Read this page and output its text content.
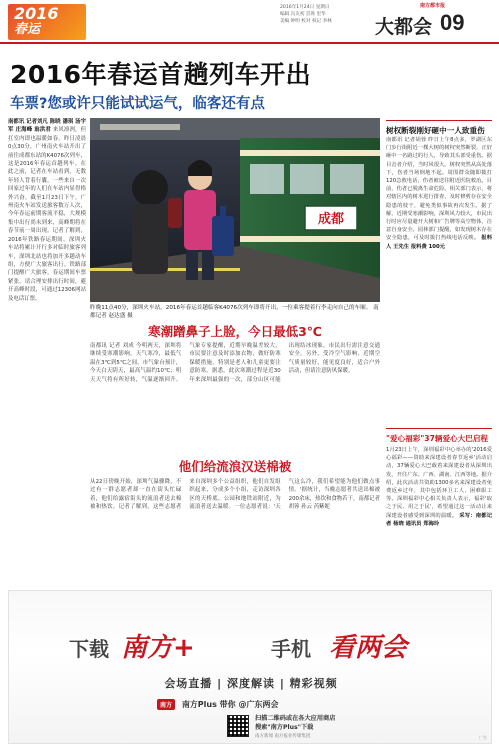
2016
春运
2016年1月24日 星期日
编辑 冯友初 首席 里华
美编 钟明 校对 权记 李林
南方都市报
大都会 09
2016年春运首趟列车开出
车票?您或许只能试试运气，临客还有点
南都讯 记者刘凡 陈晓 潘琪 汤宇军 庄海峰 翁洪君 来风凛冽，但扛室内即也温暖如春。昨日凌晨0点30分，广州南火车站开出了前往成都东站的K4076次列车，这是2016年春运首趟列车。在此之前，记者在车站看到，无数年轻人背着行囊，一些来自一次回家过年的人们在车站内显得格外兴奋。截至1月23日下午，广州南火车站发送旅客数万人次，今年春运前期客流平稳，大规模集中出行尚未到来，高峰期将在春节前一周出现。记者了解到，2016年铁路春运期间，深圳火车站将累计开行多对临时旅客列车，深圳北站也将加开多趟动车组，方便广大旅客出行。铁路部门提醒广大旅客，春运期间车票紧张，请合理安排出行时间，避开高峰时段，可通过12306网站及电话订票。
成都
昨晚11点40分，深圳火车站，2016年春运首趟临客K4076次列车即将开出，一位乘客提着行李走向自己的车厢。 南都记者 赵达盛 摄
寒潮蹭鼻子上脸，今日最低3℃
南都讯 记者 刘成 今明两天，深圳将继续受寒潮影响，天气寒冷，最低气温在3℃到5℃之间。市气象台预计，今天白天阴天，最高气温约10℃；明天天气将有所好转，气温逐渐回升。气象专家提醒，近期早晚温差较大，市民要注意及时添加衣物，做好防寒保暖措施，特别是老人和儿童更要注意防寒。据悉，此次寒潮过程是近30年来深圳最强的一次，部分山区可能出现结冰现象，市民出行需注意交通安全。另外，受冷空气影响，近期空气质量较好，能见度良好，适合户外活动，但请注意防风保暖。
他们给流浪汉送棉被
从22日傍晚开始，深圳气温骤降，不过有一群志愿者却一直在街头忙碌着，他们给露宿街头的流浪者送去棉被和热饮。记者了解到，这些志愿者来自深圳多个公益组织，他们自发组织起来，分成多个小组，走访深圳各区的天桥底、公园和地铁站附近，为流浪者送去温暖。一位志愿者说：'天气这么冷，我们希望能为他们做点事情。'据统计，当晚志愿者共送出棉被200余床，热饮和食物若干。南都记者 胡蓉 孙云 芮紫妮
树权断裂刚好砸中一人致重伤
南都讯 记者胡蓉 昨日上午8点多，罗湖区东门步行街附近一棵大树的树杈突然断裂，正好砸中一名路过的行人，导致其头部受重伤。据目击者介绍，当时风很大，树杈突然从高处落下，伤者当场倒地不起。周围群众随即拨打120急救电话，伤者被送往附近医院救治。目前，伤者已脱离生命危险。相关部门表示，将对辖区内的树木进行排查，及时修剪存在安全隐患的枝干，避免类似事故再次发生。据了解，近期受寒潮影响，深圳风力较大，市民出行时应尽量避开大树和广告牌等高空物体，注意自身安全。园林部门提醒，如发现树木存在安全隐患，可及时拨打热线电话反映。 报料人 王先生 报料费 100元
"爱心福彩"37辆爱心大巴启程
1月23日上午，深圳福彩中心举办的'2016爱心福彩——资助来深建设者春节返乡'活动启动，37辆爱心大巴载着来深建设者从深圳出发，开往广东、广西、湖南、江西等地。据介绍，此次活动共资助1300多名来深建设者免费返乡过年，其中包括环卫工人、困难职工等。深圳福彩中心相关负责人表示，福彩'取之于民、用之于民'，希望通过这一活动让来深建设者感受到深圳的温暖。 采写：南都记者 杨晓 通讯员 郑海玲
下载 南方+	手机 看两会
会场直播 | 深度解读 | 精彩视频
南方 南方Plus 带你 @广东两会
扫描二维码或在各大应用商店
搜索"南方Plus"下载
南方新闻 南方报业传媒集团	广告
